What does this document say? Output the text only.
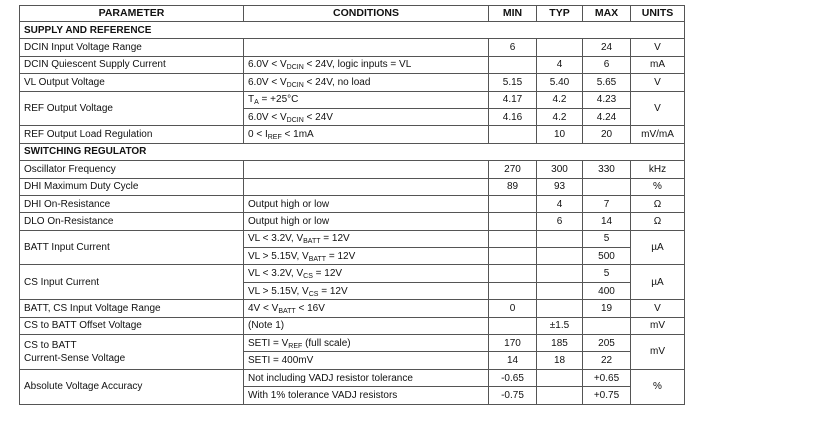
PARAMETER	CONDITIONS	MIN	TYP	MAX	UNITS
SUPPLY AND REFERENCE					
DCIN Input Voltage Range		6		24	V
DCIN Quiescent Supply Current	$6.0V < V_{DCIN} < 24V$, logic inputs = VL		4	6	mA
VL Output Voltage	$6.0V < V_{DCIN} < 24V$, no load	5.15	5.40	5.65	V
REF Output Voltage	$T_A = +25^\circ C$	4.17	4.2	4.23	V
	$6.0V < V_{DCIN} < 24V$	4.16	4.2	4.24	
REF Output Load Regulation	$0 < I_{REF} < 1mA$		10	20	mV/mA
SWITCHING REGULATOR					
Oscillator Frequency		270	300	330	kHz
DHI Maximum Duty Cycle		89	93		%
DHI On-Resistance	Output high or low		4	7	Ω
DLO On-Resistance	Output high or low		6	14	Ω
BATT Input Current	VL < 3.2V, $V_{BATT} = 12V$			5	µA
	VL > 5.15V, $V_{BATT} = 12V$			500	
CS Input Current	VL < 3.2V, $V_{CS} = 12V$			5	µA
	VL > 5.15V, $V_{CS} = 12V$			400	
BATT, CS Input Voltage Range	$4V < V_{BATT} < 16V$	0		19	V
CS to BATT Offset Voltage	(Note 1)		±1.5		mV
CS to BATT
Current-Sense Voltage	SETI = $V_{REF}$ (full scale)	170	185	205	mV
	SETI = 400mV	14	18	22	
Absolute Voltage Accuracy	Not including VADJ resistor tolerance	-0.65		+0.65	%
	With 1% tolerance VADJ resistors	-0.75		+0.75	
